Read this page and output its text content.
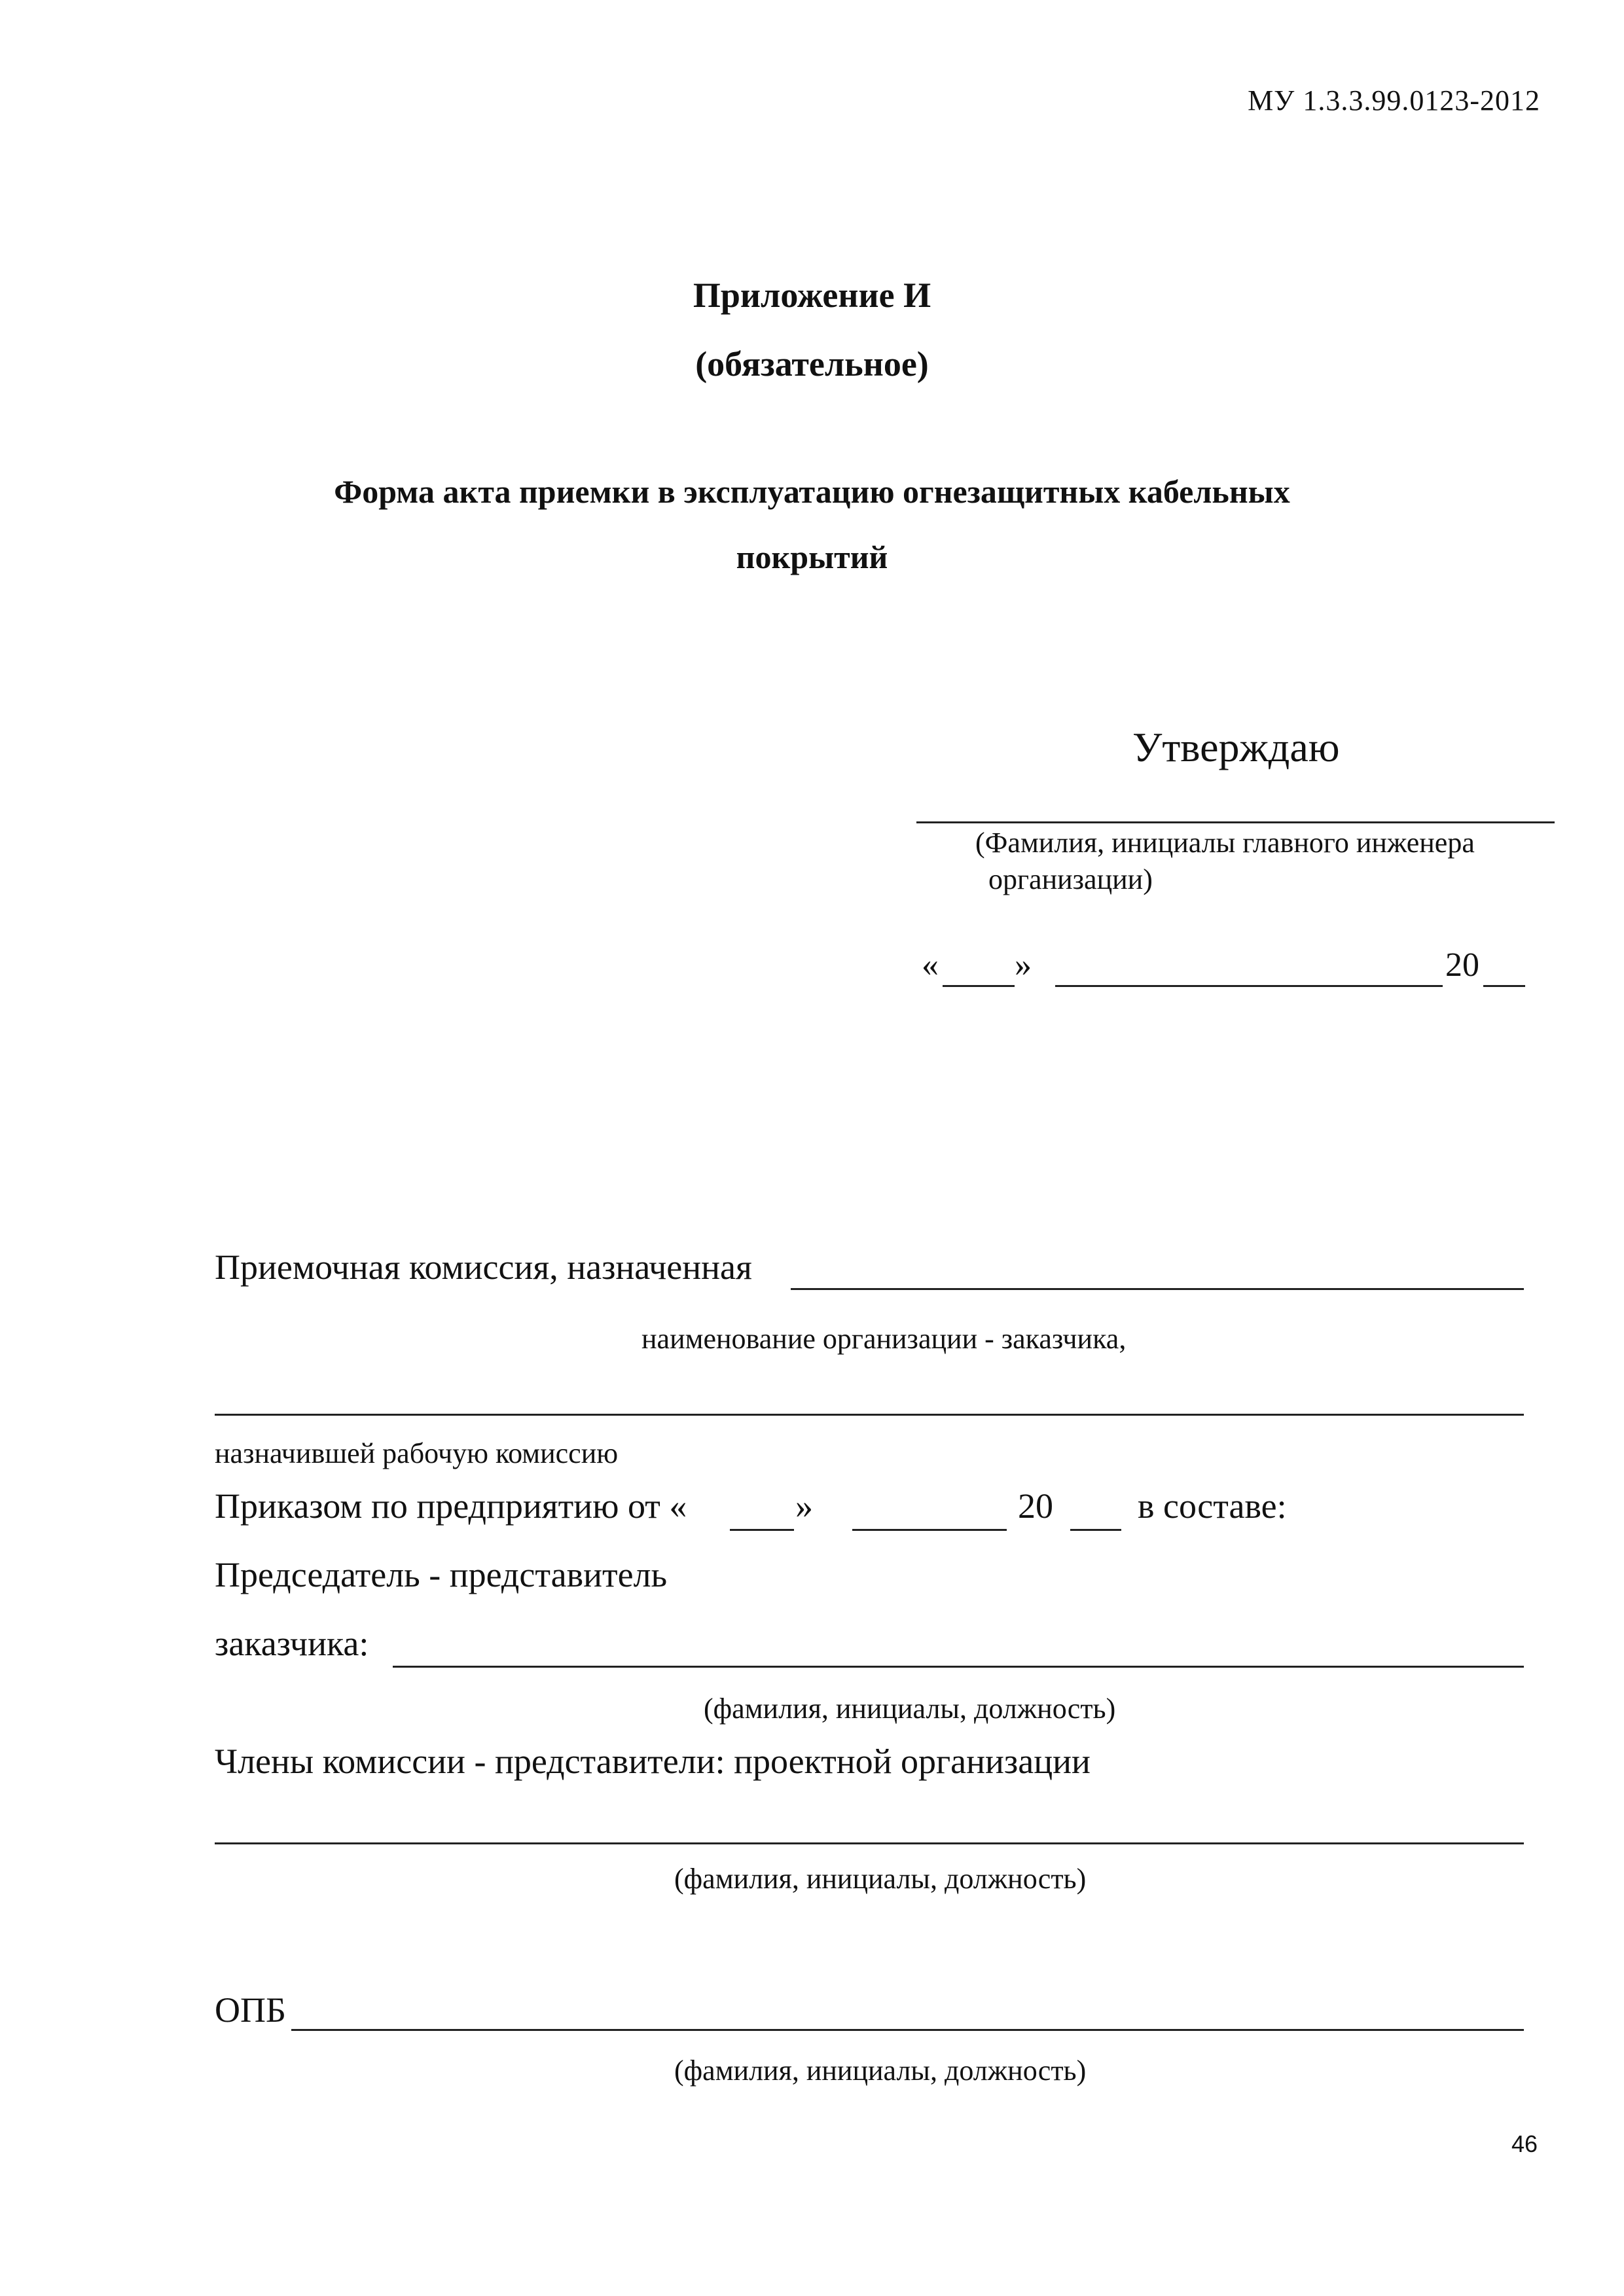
МУ 1.3.3.99.0123-2012
Приложение И
(обязательное)
Форма акта приемки в эксплуатацию огнезащитных кабельных
покрытий
Утверждаю
(Фамилия, инициалы главного инженера
организации)
« »	20
Приемочная комиссия, назначенная
наименование организации - заказчика,
назначившей рабочую комиссию
Приказом по предприятию от «	»	20 в составе:
Председатель - представитель
заказчика:
(фамилия, инициалы, должность)
Члены комиссии - представители: проектной организации
(фамилия, инициалы, должность)
ОПБ
(фамилия, инициалы, должность)
46
